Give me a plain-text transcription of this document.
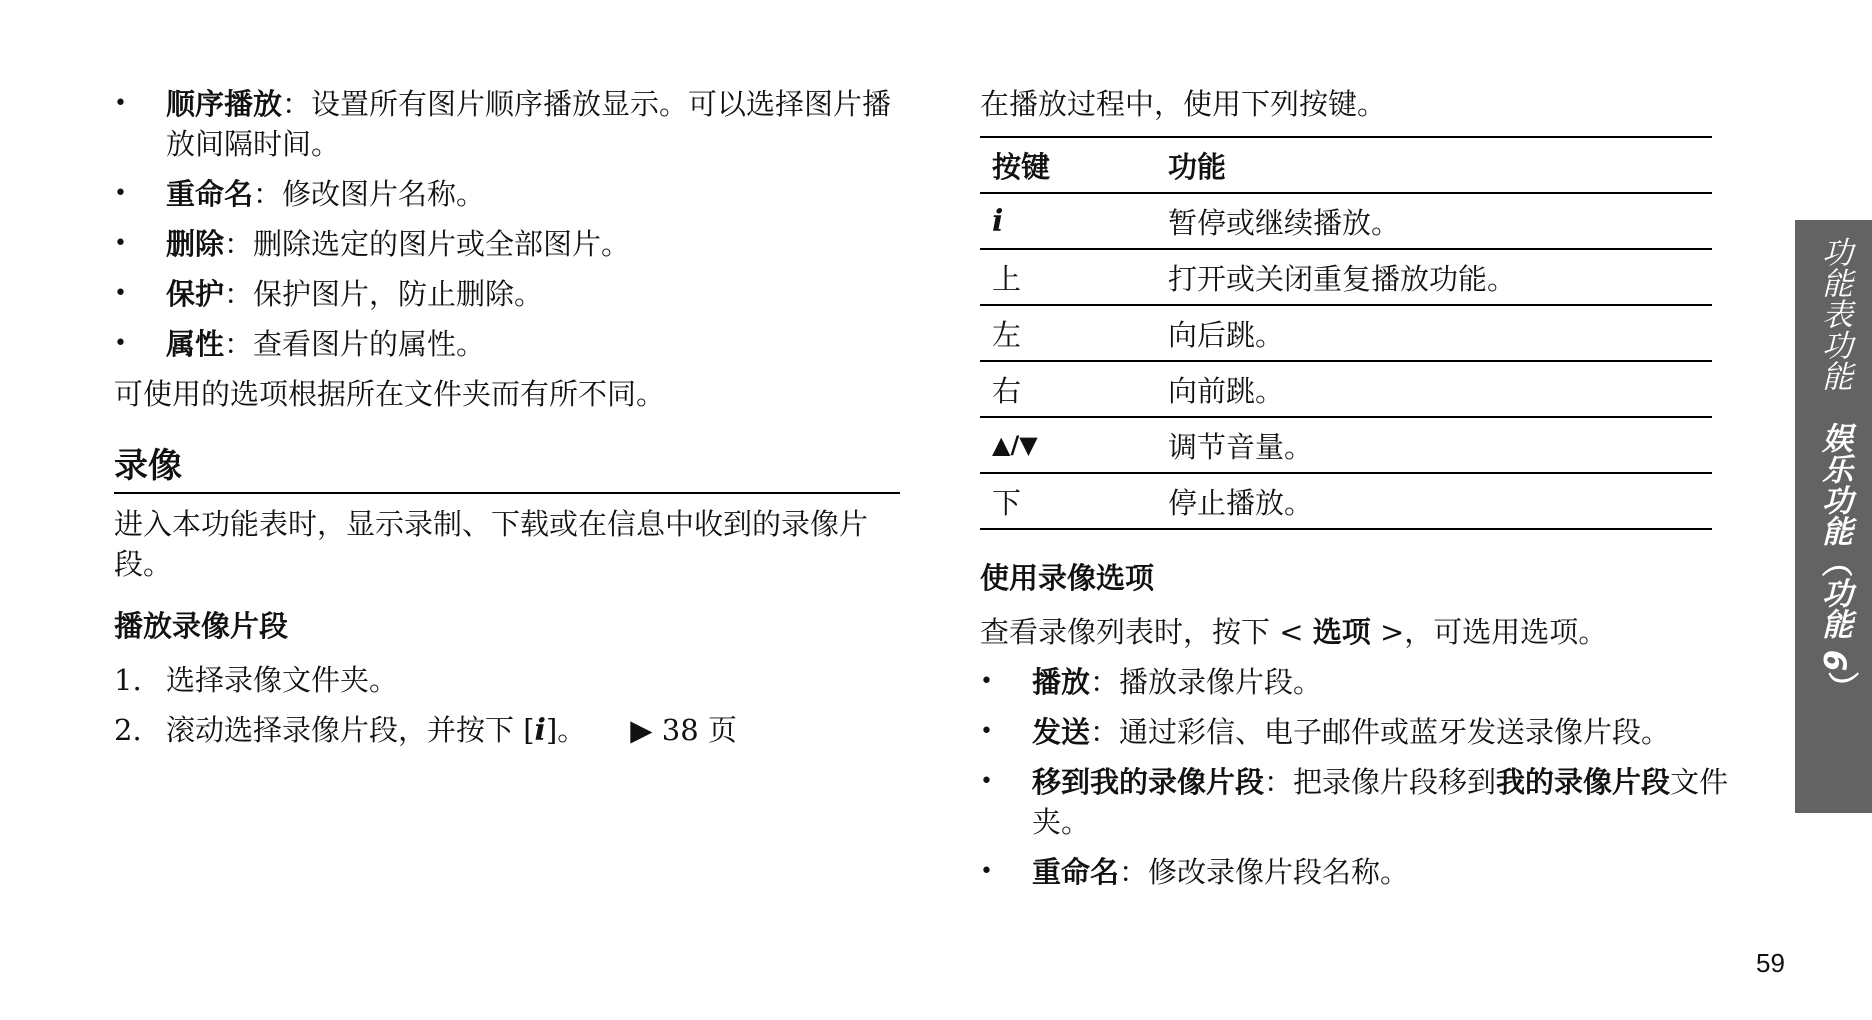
• 顺序播放：设置所有图片顺序播放显示。可以选择图片播放间隔时间。
• 重命名：修改图片名称。
• 删除：删除选定的图片或全部图片。
• 保护：保护图片，防止删除。
• 属性：查看图片的属性。

可使用的选项根据所在文件夹而有所不同。

录像

进入本功能表时，显示录制、下载或在信息中收到的录像片段。

播放录像片段
1. 选择录像文件夹。
2. 滚动选择录像片段，并按下 [i]。 ▶ 38 页

在播放过程中，使用下列按键。

按键	功能
i	暂停或继续播放。
上	打开或关闭重复播放功能。
左	向后跳。
右	向前跳。
▲/▼	调节音量。
下	停止播放。
使用录像选项

查看录像列表时，按下 < 选项 >，可选用选项。

• 播放：播放录像片段。
• 发送：通过彩信、电子邮件或蓝牙发送录像片段。
• 移到我的录像片段：把录像片段移到我的录像片段文件夹。
• 重命名：修改录像片段名称。
功能表功能　娱乐功能（功能 6）
59
